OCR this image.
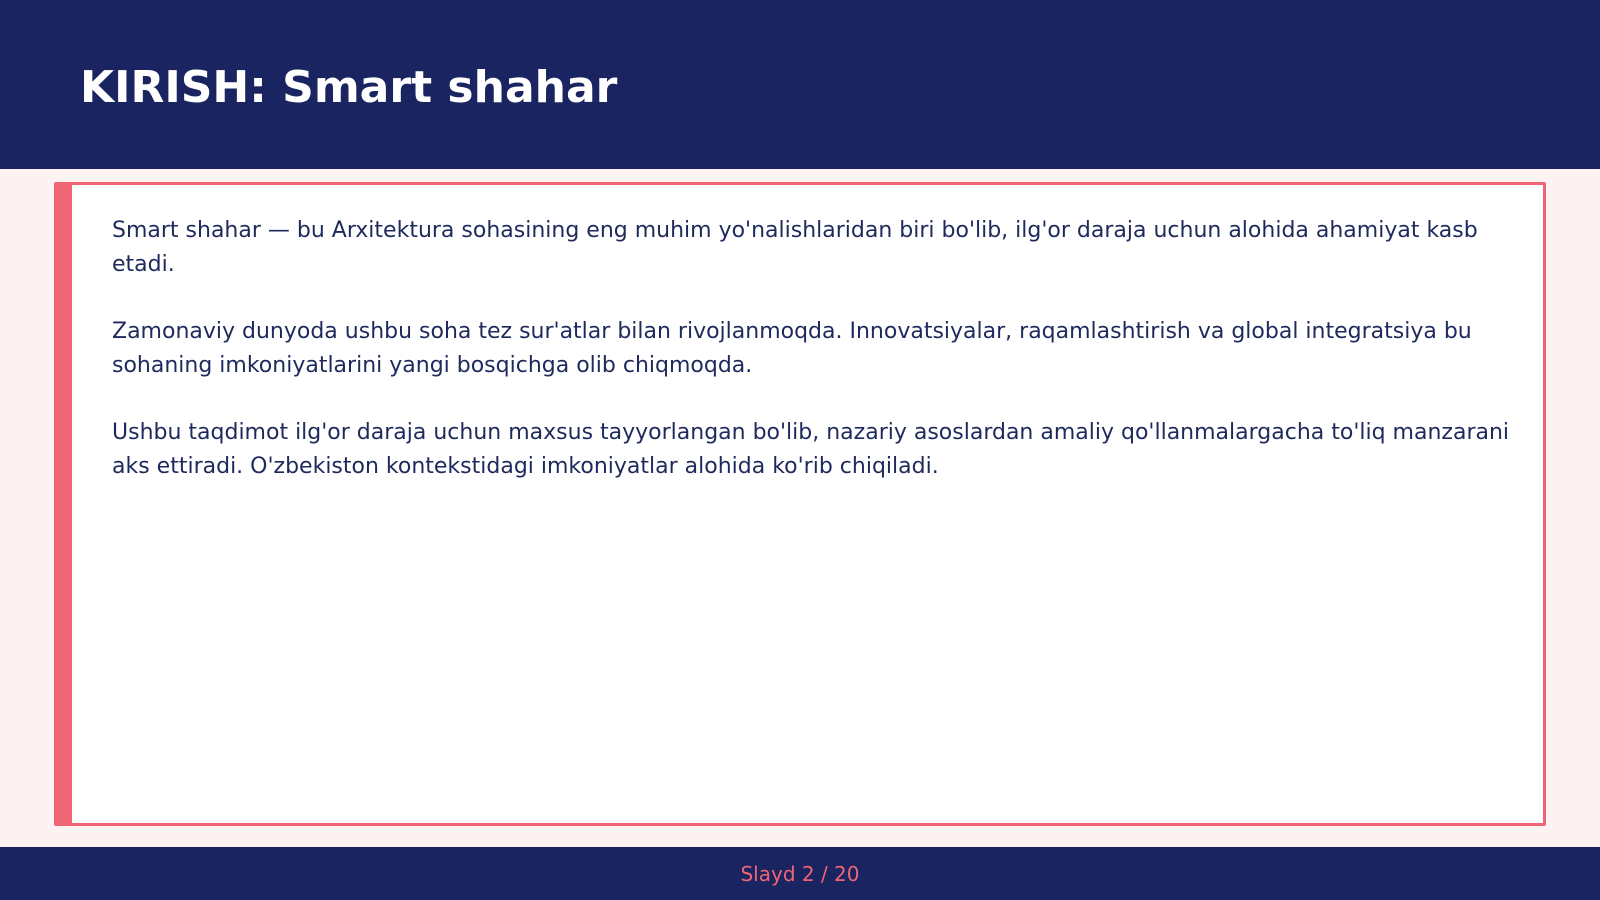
KIRISH: Smart shahar

Smart shahar — bu Arxitektura sohasining eng muhim yo'nalishlaridan biri bo'lib, ilg'or daraja uchun alohida ahamiyat kasb etadi.

Zamonaviy dunyoda ushbu soha tez sur'atlar bilan rivojlanmoqda. Innovatsiyalar, raqamlashtirish va global integratsiya bu sohaning imkoniyatlarini yangi bosqichga olib chiqmoqda.

Ushbu taqdimot ilg'or daraja uchun maxsus tayyorlangan bo'lib, nazariy asoslardan amaliy qo'llanmalargacha to'liq manzarani aks ettiradi. O'zbekiston kontekstidagi imkoniyatlar alohida ko'rib chiqiladi.

Slayd 2 / 20
